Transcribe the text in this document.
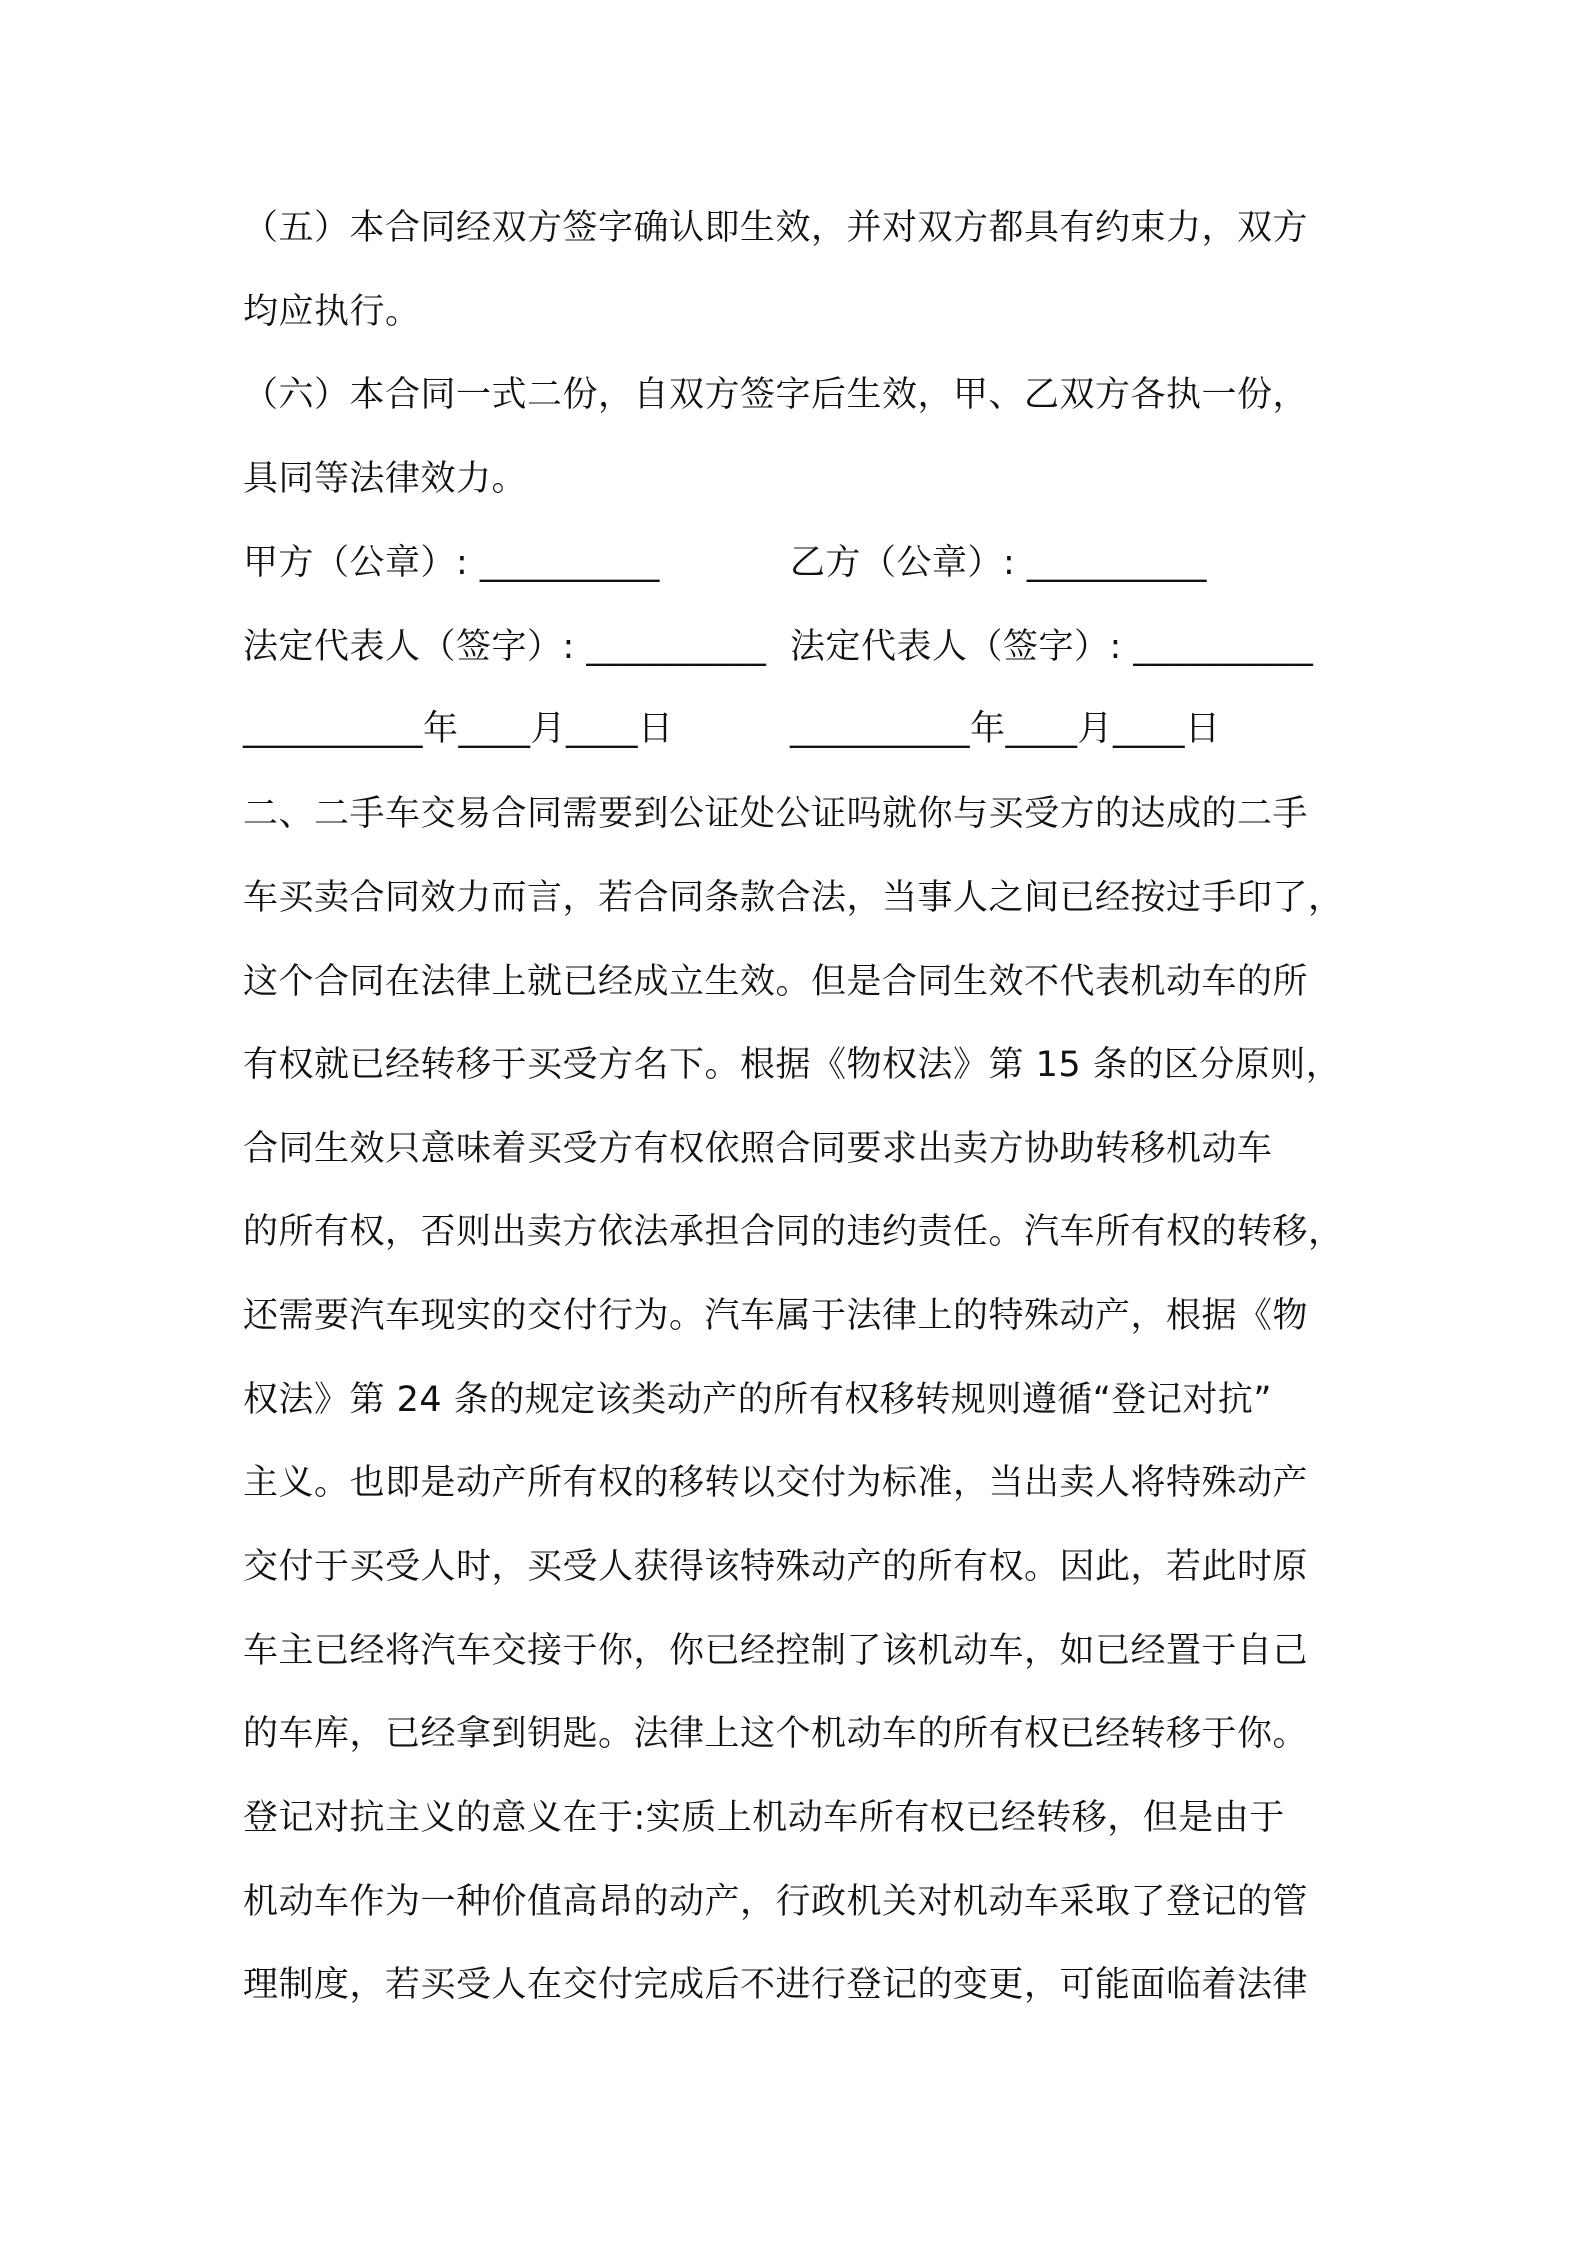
（五）本合同经双方签字确认即生效，并对双方都具有约束力，双方
均应执行。
（六）本合同一式二份，自双方签字后生效，甲、乙双方各执一份，
具同等法律效力。
甲方（公章）: __________	乙方（公章）: __________
法定代表人（签字）: __________ 法定代表人（签字）: __________
__________年____月____日	__________年____月____日
二、二手车交易合同需要到公证处公证吗就你与买受方的达成的二手
车买卖合同效力而言，若合同条款合法，当事人之间已经按过手印了，
这个合同在法律上就已经成立生效。但是合同生效不代表机动车的所
有权就已经转移于买受方名下。根据《物权法》第 15 条的区分原则，
合同生效只意味着买受方有权依照合同要求出卖方协助转移机动车
的所有权，否则出卖方依法承担合同的违约责任。汽车所有权的转移，
还需要汽车现实的交付行为。汽车属于法律上的特殊动产，根据《物
权法》第 24 条的规定该类动产的所有权移转规则遵循“登记对抗”
主义。也即是动产所有权的移转以交付为标准，当出卖人将特殊动产
交付于买受人时，买受人获得该特殊动产的所有权。因此，若此时原
车主已经将汽车交接于你，你已经控制了该机动车，如已经置于自己
的车库，已经拿到钥匙。法律上这个机动车的所有权已经转移于你。
登记对抗主义的意义在于:实质上机动车所有权已经转移，但是由于
机动车作为一种价值高昂的动产，行政机关对机动车采取了登记的管
理制度，若买受人在交付完成后不进行登记的变更，可能面临着法律
